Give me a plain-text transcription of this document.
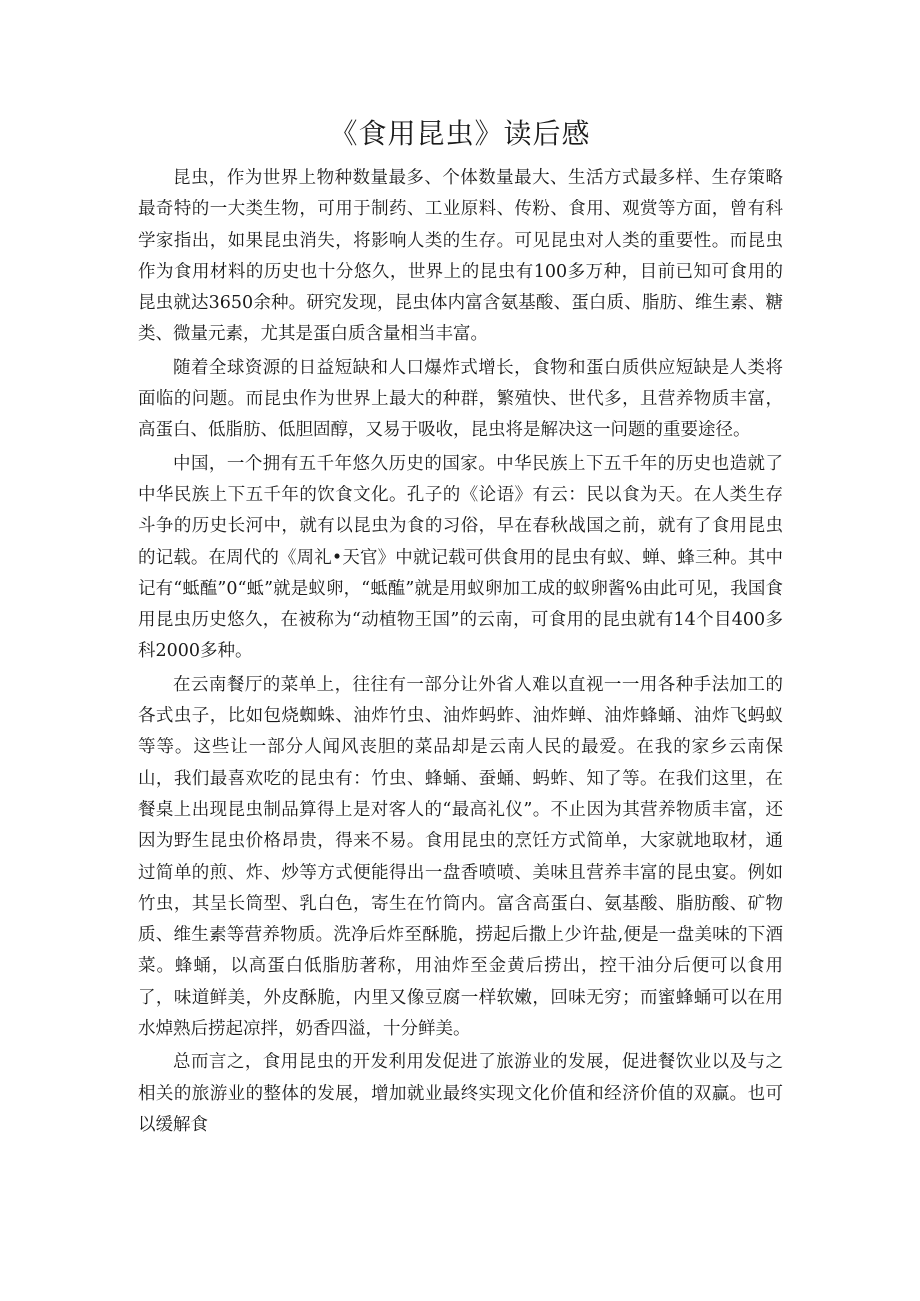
《食用昆虫》读后感

昆虫，作为世界上物种数量最多、个体数量最大、生活方式最多样、生存策略最奇特的一大类生物，可用于制药、工业原料、传粉、食用、观赏等方面，曾有科学家指出，如果昆虫消失，将影响人类的生存。可见昆虫对人类的重要性。而昆虫作为食用材料的历史也十分悠久，世界上的昆虫有100多万种，目前已知可食用的昆虫就达3650余种。研究发现，昆虫体内富含氨基酸、蛋白质、脂肪、维生素、糖类、微量元素，尤其是蛋白质含量相当丰富。

随着全球资源的日益短缺和人口爆炸式增长，食物和蛋白质供应短缺是人类将面临的问题。而昆虫作为世界上最大的种群，繁殖快、世代多，且营养物质丰富，高蛋白、低脂肪、低胆固醇，又易于吸收，昆虫将是解决这一问题的重要途径。

中国，一个拥有五千年悠久历史的国家。中华民族上下五千年的历史也造就了中华民族上下五千年的饮食文化。孔子的《论语》有云：民以食为天。在人类生存斗争的历史长河中，就有以昆虫为食的习俗，早在春秋战国之前，就有了食用昆虫的记载。在周代的《周礼•天官》中就记载可供食用的昆虫有蚁、蝉、蜂三种。其中记有“蚳醢”0“蚳”就是蚁卵，“蚳醢”就是用蚁卵加工成的蚁卵酱%由此可见，我国食用昆虫历史悠久，在被称为“动植物王国”的云南，可食用的昆虫就有14个目400多科2000多种。

在云南餐厅的菜单上，往往有一部分让外省人难以直视一一用各种手法加工的各式虫子，比如包烧蜘蛛、油炸竹虫、油炸蚂蚱、油炸蝉、油炸蜂蛹、油炸飞蚂蚁等等。这些让一部分人闻风丧胆的菜品却是云南人民的最爱。在我的家乡云南保山，我们最喜欢吃的昆虫有：竹虫、蜂蛹、蚕蛹、蚂蚱、知了等。在我们这里，在餐桌上出现昆虫制品算得上是对客人的“最高礼仪”。不止因为其营养物质丰富，还因为野生昆虫价格昂贵，得来不易。食用昆虫的烹饪方式简单，大家就地取材，通过简单的煎、炸、炒等方式便能得出一盘香喷喷、美味且营养丰富的昆虫宴。例如竹虫，其呈长筒型、乳白色，寄生在竹筒内。富含高蛋白、氨基酸、脂肪酸、矿物质、维生素等营养物质。洗净后炸至酥脆，捞起后撒上少许盐,便是一盘美味的下酒菜。蜂蛹，以高蛋白低脂肪著称，用油炸至金黄后捞出，控干油分后便可以食用了，味道鲜美，外皮酥脆，内里又像豆腐一样软嫩，回味无穷；而蜜蜂蛹可以在用水焯熟后捞起凉拌，奶香四溢，十分鲜美。

总而言之，食用昆虫的开发利用发促进了旅游业的发展，促进餐饮业以及与之相关的旅游业的整体的发展，增加就业最终实现文化价值和经济价值的双赢。也可以缓解食
